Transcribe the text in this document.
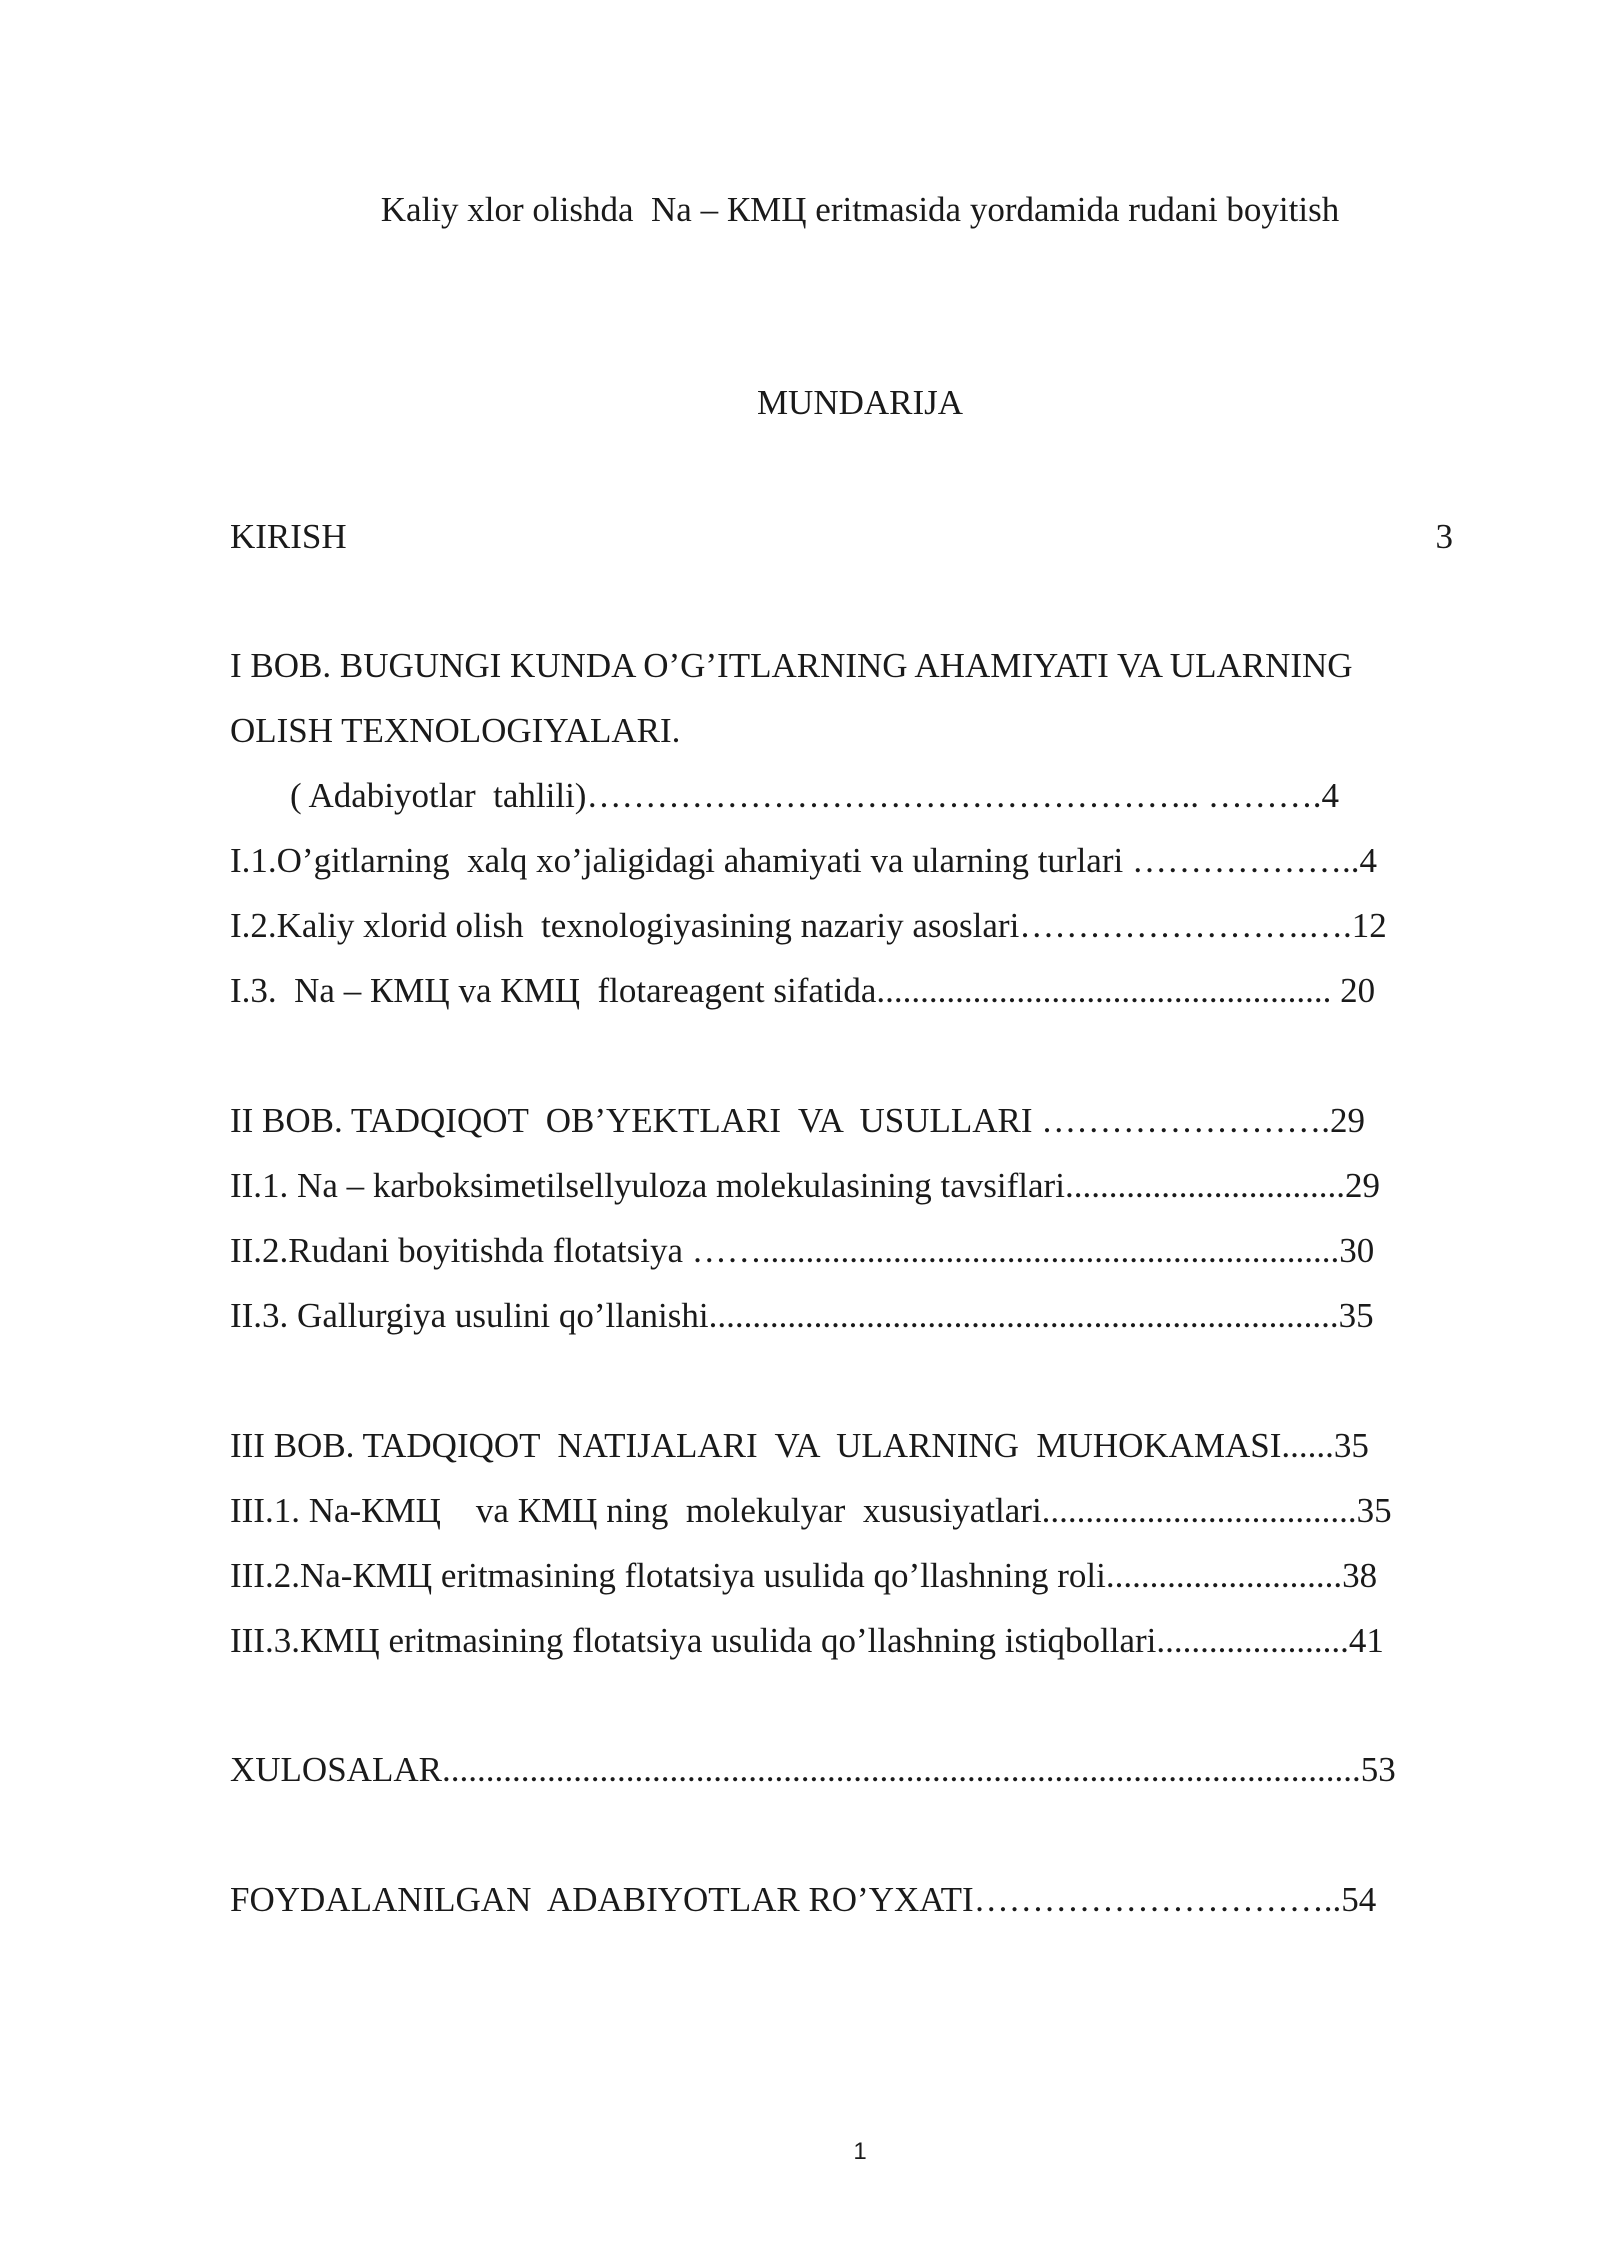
Kaliy xlor olishda  Na – КМЦ eritmasida yordamida rudani boyitish
MUNDARIJA
KIRISH	3
I BOB. BUGUNGI KUNDA O’G’ITLARNING AHAMIYATI VA ULARNING
OLISH TEXNOLOGIYALARI.
( Adabiyotlar  tahlili)…………………………………………….. ……….4
I.1.O’gitlarning  xalq xo’jaligidagi ahamiyati va ularning turlari ………………..4
I.2.Kaliy xlorid olish  texnologiyasining nazariy asoslari…………………….….12
I.3.  Na – КМЦ va КМЦ  flotareagent sifatida.................................................... 20
II BOB. TADQIQOT  OB’YEKTLARI  VA  USULLARI …………………….29
II.1. Na – karboksimetilsellyuloza molekulasining tavsiflari................................29
II.2.Rudani boyitishda flotatsiya ……..................................................................30
II.3. Gallurgiya usulini qo’llanishi........................................................................35
III BOB. TADQIQOT  NATIJALARI  VA  ULARNING  MUHOKAMASI......35
III.1. Na-КМЦ    va КМЦ ning  molekulyar  xususiyatlari....................................35
III.2.Na-КМЦ eritmasining flotatsiya usulida qo’llashning roli...........................38
III.3.КМЦ eritmasining flotatsiya usulida qo’llashning istiqbollari......................41
XULOSALAR.........................................................................................................53
FOYDALANILGAN  ADABIYOTLAR RO’YXATI…………………………..54
1
